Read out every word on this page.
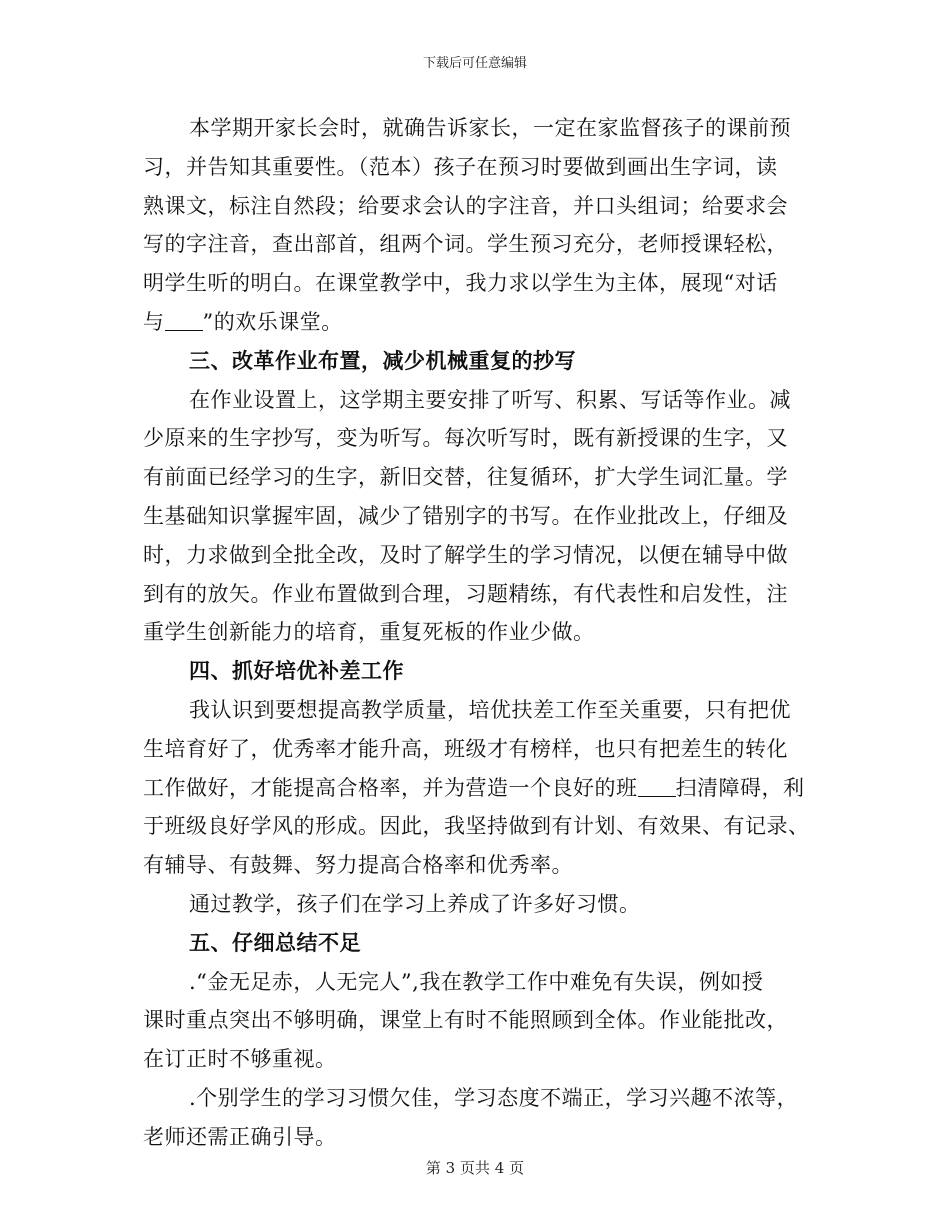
下载后可任意编辑
本学期开家长会时，就确告诉家长，一定在家监督孩子的课前预
习，并告知其重要性。（范本）孩子在预习时要做到画出生字词，读
熟课文，标注自然段；给要求会认的字注音，并口头组词；给要求会
写的字注音，查出部首，组两个词。学生预习充分，老师授课轻松，
明学生听的明白。在课堂教学中，我力求以学生为主体，展现“对话
与 ”的欢乐课堂。
三、改革作业布置，减少机械重复的抄写
在作业设置上，这学期主要安排了听写、积累、写话等作业。减
少原来的生字抄写，变为听写。每次听写时，既有新授课的生字，又
有前面已经学习的生字，新旧交替，往复循环，扩大学生词汇量。学
生基础知识掌握牢固，减少了错别字的书写。在作业批改上，仔细及
时，力求做到全批全改，及时了解学生的学习情况，以便在辅导中做
到有的放矢。作业布置做到合理，习题精练，有代表性和启发性，注
重学生创新能力的培育，重复死板的作业少做。
四、抓好培优补差工作
我认识到要想提高教学质量，培优扶差工作至关重要，只有把优
生培育好了，优秀率才能升高，班级才有榜样，也只有把差生的转化
工作做好，才能提高合格率，并为营造一个良好的班 扫清障碍，利
于班级良好学风的形成。因此，我坚持做到有计划、有效果、有记录、
有辅导、有鼓舞、努力提高合格率和优秀率。
通过教学，孩子们在学习上养成了许多好习惯。
五、仔细总结不足
.“金无足赤，人无完人”,我在教学工作中难免有失误，例如授
课时重点突出不够明确，课堂上有时不能照顾到全体。作业能批改，
在订正时不够重视。
.个别学生的学习习惯欠佳，学习态度不端正，学习兴趣不浓等，
老师还需正确引导。
第 3 页共 4 页
